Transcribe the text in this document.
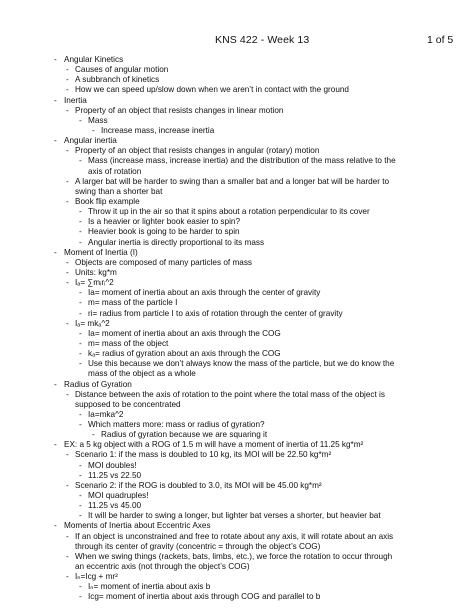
KNS 422 - Week 13	1 of 5
- Angular Kinetics
- Causes of angular motion
- A subbranch of kinetics
- How we can speed up/slow down when we aren’t in contact with the ground
- Inertia
- Property of an object that resists changes in linear motion
- Mass
- Increase mass, increase inertia
- Angular inertia
- Property of an object that resists changes in angular (rotary) motion
- Mass (increase mass, increase inertia) and the distribution of the mass relative to the
axis of rotation
- A larger bat will be harder to swing than a smaller bat and a longer bat will be harder to
swing than a shorter bat
- Book flip example
- Throw it up in the air so that it spins about a rotation perpendicular to its cover
- Is a heavier or lighter book easier to spin?
- Heavier book is going to be harder to spin
- Angular inertia is directly proportional to its mass
- Moment of Inertia (I)
- Objects are composed of many particles of mass
- Units: kg*m
- Iₐ= ∑mᵢrᵢ^2
- Ia= moment of inertia about an axis through the center of gravity
- m= mass of the particle I
- ri= radius from particle I to axis of rotation through the center of gravity
- Iₐ= mkₐ^2
- Ia= moment of inertia about an axis through the COG
- m= mass of the object
- kₐ= radius of gyration about an axis through the COG
- Use this because we don’t always know the mass of the particle, but we do know the
mass of the object as a whole
- Radius of Gyration
- Distance between the axis of rotation to the point where the total mass of the object is
supposed to be concentrated
- Ia=mka^2
- Which matters more: mass or radius of gyration?
- Radius of gyration because we are squaring it
- EX: a 5 kg object with a ROG of 1.5 m will have a moment of inertia of 11.25 kg*m²
- Scenario 1: if the mass is doubled to 10 kg, its MOI will be 22.50 kg*m²
- MOI doubles!
- 11.25 vs 22.50
- Scenario 2: if the ROG is doubled to 3.0, its MOI will be 45.00 kg*m²
- MOI quadruples!
- 11.25 vs 45.00
- It will be harder to swing a longer, but lighter bat verses a shorter, but heavier bat
- Moments of Inertia about Eccentric Axes
- If an object is unconstrained and free to rotate about any axis, it will rotate about an axis
through its center of gravity (concentric = through the object’s COG)
- When we swing things (rackets, bats, limbs, etc.), we force the rotation to occur through
an eccentric axis (not through the object’s COG)
- Iₙ=Icg + mr²
- Iₙ= moment of inertia about axis b
- Icg= moment of inertia about axis through COG and parallel to b
